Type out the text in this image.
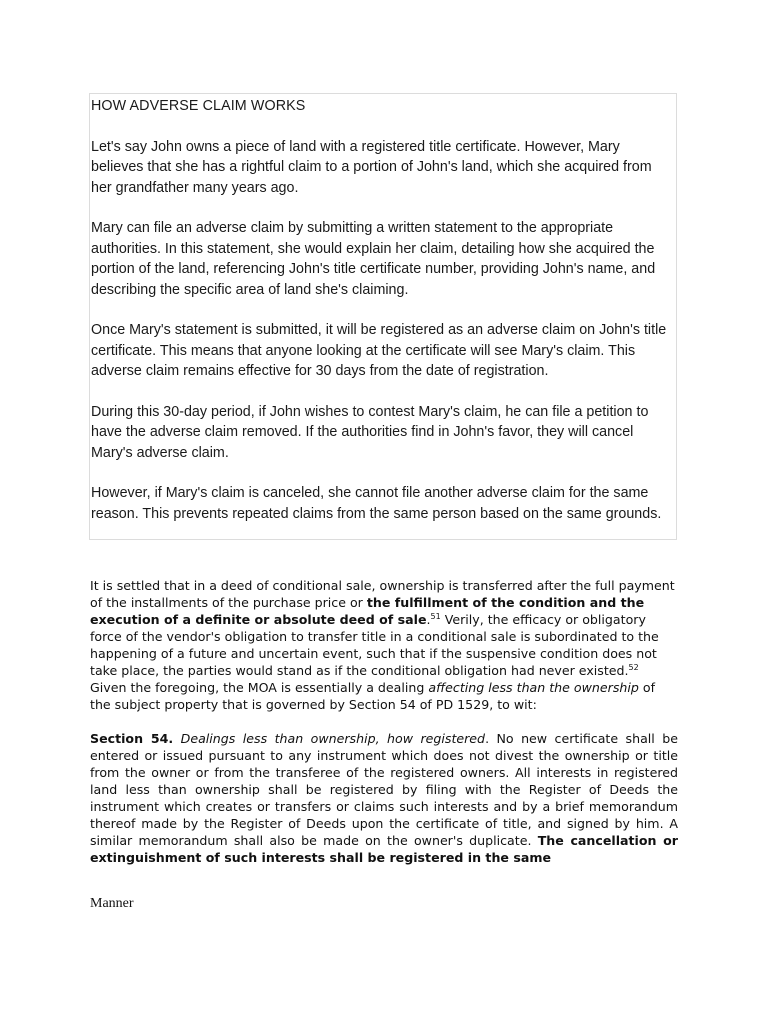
HOW ADVERSE CLAIM WORKS

Let's say John owns a piece of land with a registered title certificate. However, Mary believes that she has a rightful claim to a portion of John's land, which she acquired from her grandfather many years ago.

Mary can file an adverse claim by submitting a written statement to the appropriate authorities. In this statement, she would explain her claim, detailing how she acquired the portion of the land, referencing John's title certificate number, providing John's name, and describing the specific area of land she's claiming.

Once Mary's statement is submitted, it will be registered as an adverse claim on John's title certificate. This means that anyone looking at the certificate will see Mary's claim. This adverse claim remains effective for 30 days from the date of registration.

During this 30-day period, if John wishes to contest Mary's claim, he can file a petition to have the adverse claim removed. If the authorities find in John's favor, they will cancel Mary's adverse claim.

However, if Mary's claim is canceled, she cannot file another adverse claim for the same reason. This prevents repeated claims from the same person based on the same grounds.

It is settled that in a deed of conditional sale, ownership is transferred after the full payment of the installments of the purchase price or the fulfillment of the condition and the execution of a definite or absolute deed of sale.$^{51}$ Verily, the efficacy or obligatory force of the vendor's obligation to transfer title in a conditional sale is subordinated to the happening of a future and uncertain event, such that if the suspensive condition does not take place, the parties would stand as if the conditional obligation had never existed.$^{52}$ Given the foregoing, the MOA is essentially a dealing affecting less than the ownership of the subject property that is governed by Section 54 of PD 1529, to wit:

Section 54. Dealings less than ownership, how registered. No new certificate shall be entered or issued pursuant to any instrument which does not divest the ownership or title from the owner or from the transferee of the registered owners. All interests in registered land less than ownership shall be registered by filing with the Register of Deeds the instrument which creates or transfers or claims such interests and by a brief memorandum thereof made by the Register of Deeds upon the certificate of title, and signed by him. A similar memorandum shall also be made on the owner's duplicate. The cancellation or extinguishment of such interests shall be registered in the same

Manner
